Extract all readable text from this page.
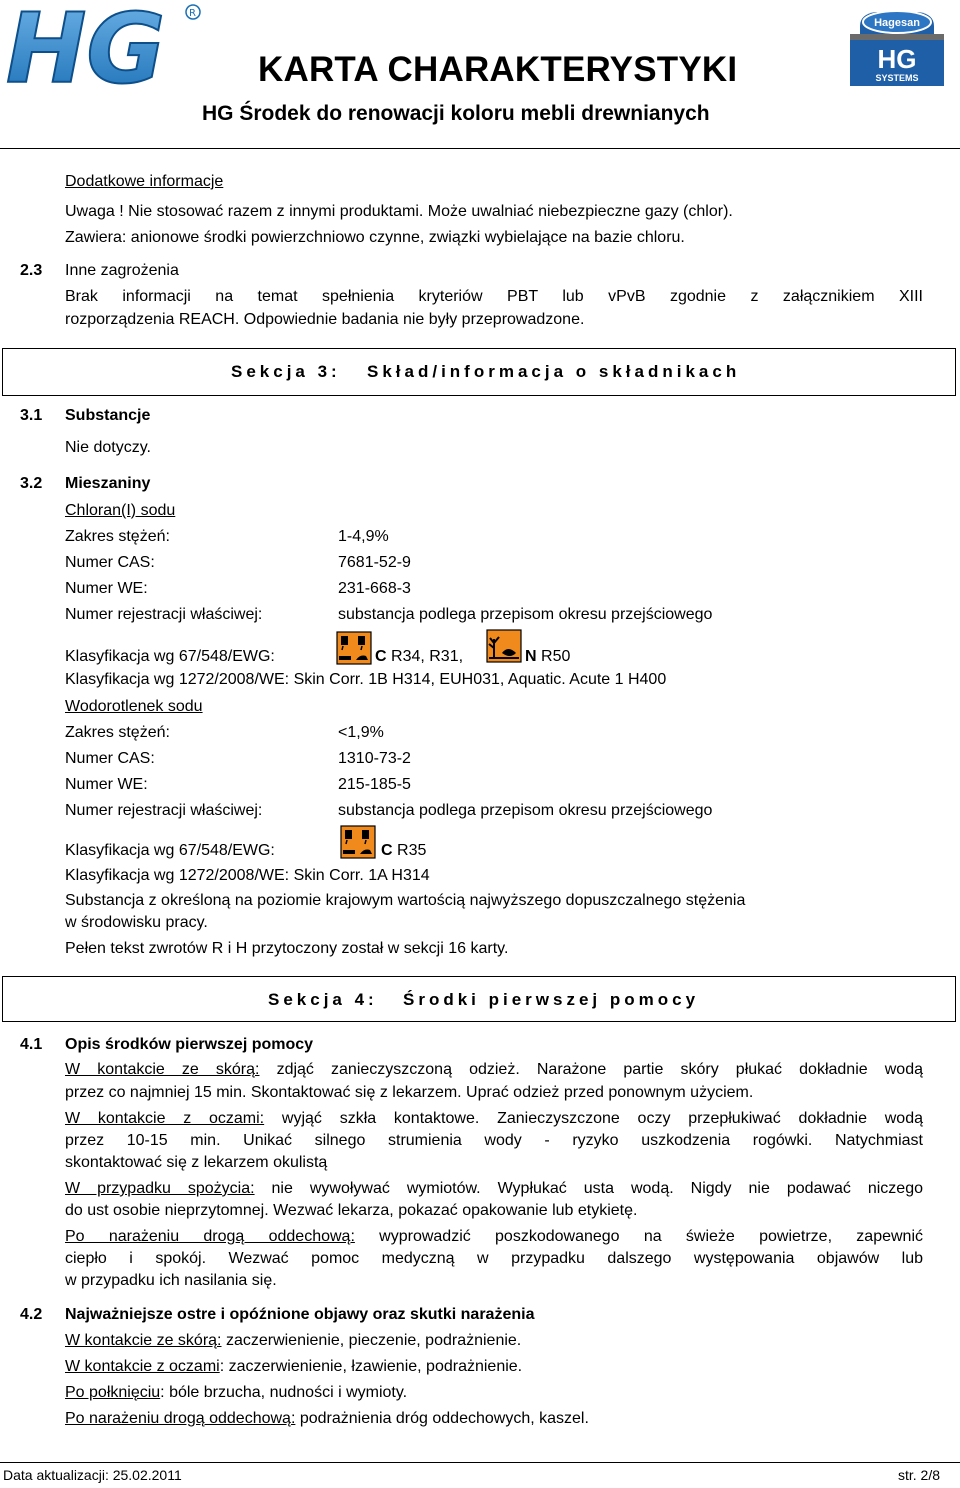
HG R
Hagesan
HG
SYSTEMS
KARTA CHARAKTERYSTYKI
HG Środek do renowacji koloru mebli drewnianych
Dodatkowe informacje
Uwaga ! Nie stosować razem z innymi produktami. Może uwalniać niebezpieczne gazy (chlor).
Zawiera: anionowe środki powierzchniowo czynne, związki wybielające na bazie chloru.
2.3 Inne zagrożenia
Brak informacji na temat spełnienia kryteriów PBT lub vPvB zgodnie z załącznikiem XIII
rozporządzenia REACH. Odpowiednie badania nie były przeprowadzone.
Sekcja 3: Skład/informacja o składnikach
3.1 Substancje
Nie dotyczy.
3.2 Mieszaniny
Chloran(I) sodu
Zakres stężeń:	1-4,9%
Numer CAS:	7681-52-9
Numer WE:	231-668-3
Numer rejestracji właściwej:	substancja podlega przepisom okresu przejściowego
Klasyfikacja wg 67/548/EWG:	C R34, R31,	N R50
Klasyfikacja wg 1272/2008/WE: Skin Corr. 1B H314, EUH031, Aquatic. Acute 1 H400
Wodorotlenek sodu
Zakres stężeń:	<1,9%
Numer CAS:	1310-73-2
Numer WE:	215-185-5
Numer rejestracji właściwej:	substancja podlega przepisom okresu przejściowego
Klasyfikacja wg 67/548/EWG:	C R35
Klasyfikacja wg 1272/2008/WE: Skin Corr. 1A H314
Substancja z określoną na poziomie krajowym wartością najwyższego dopuszczalnego stężenia
w środowisku pracy.
Pełen tekst zwrotów R i H przytoczony został w sekcji 16 karty.
Sekcja 4: Środki pierwszej pomocy
4.1 Opis środków pierwszej pomocy
W kontakcie ze skórą: zdjąć zanieczyszczoną odzież. Narażone partie skóry płukać dokładnie wodą
przez co najmniej 15 min. Skontaktować się z lekarzem. Uprać odzież przed ponownym użyciem.
W kontakcie z oczami: wyjąć szkła kontaktowe. Zanieczyszczone oczy przepłukiwać dokładnie wodą
przez 10-15 min. Unikać silnego strumienia wody - ryzyko uszkodzenia rogówki. Natychmiast
skontaktować się z lekarzem okulistą
W przypadku spożycia: nie wywoływać wymiotów. Wypłukać usta wodą. Nigdy nie podawać niczego
do ust osobie nieprzytomnej. Wezwać lekarza, pokazać opakowanie lub etykietę.
Po narażeniu drogą oddechową: wyprowadzić poszkodowanego na świeże powietrze, zapewnić
ciepło i spokój. Wezwać pomoc medyczną w przypadku dalszego występowania objawów lub
w przypadku ich nasilania się.
4.2 Najważniejsze ostre i opóźnione objawy oraz skutki narażenia
W kontakcie ze skórą: zaczerwienienie, pieczenie, podrażnienie.
W kontakcie z oczami: zaczerwienienie, łzawienie, podrażnienie.
Po połknięciu: bóle brzucha, nudności i wymioty.
Po narażeniu drogą oddechową: podrażnienia dróg oddechowych, kaszel.
Data aktualizacji: 25.02.2011	str. 2/8
